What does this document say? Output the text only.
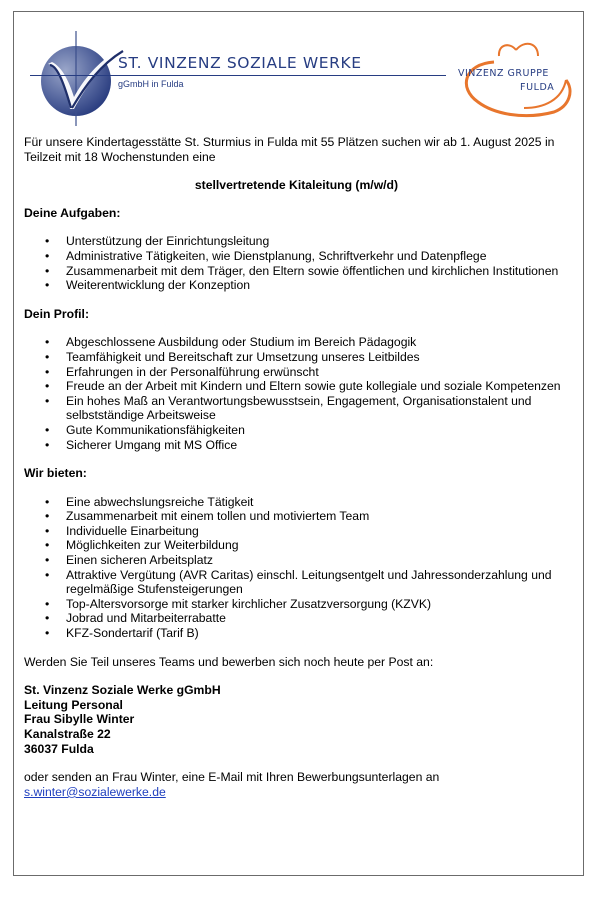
ST. VINZENZ SOZIALE WERKE
gGmbH in Fulda
VINZENZ GRUPPE
FULDA

Für unsere Kindertagesstätte St. Sturmius in Fulda mit 55 Plätzen suchen wir ab 1. August 2025 in Teilzeit mit 18 Wochenstunden eine

stellvertretende Kitaleitung (m/w/d)

Deine Aufgaben:

• Unterstützung der Einrichtungsleitung
• Administrative Tätigkeiten, wie Dienstplanung, Schriftverkehr und Datenpflege
• Zusammenarbeit mit dem Träger, den Eltern sowie öffentlichen und kirchlichen Institutionen
• Weiterentwicklung der Konzeption

Dein Profil:

• Abgeschlossene Ausbildung oder Studium im Bereich Pädagogik
• Teamfähigkeit und Bereitschaft zur Umsetzung unseres Leitbildes
• Erfahrungen in der Personalführung erwünscht
• Freude an der Arbeit mit Kindern und Eltern sowie gute kollegiale und soziale Kompetenzen
• Ein hohes Maß an Verantwortungsbewusstsein, Engagement, Organisationstalent und selbstständige Arbeitsweise
• Gute Kommunikationsfähigkeiten
• Sicherer Umgang mit MS Office

Wir bieten:

• Eine abwechslungsreiche Tätigkeit
• Zusammenarbeit mit einem tollen und motiviertem Team
• Individuelle Einarbeitung
• Möglichkeiten zur Weiterbildung
• Einen sicheren Arbeitsplatz
• Attraktive Vergütung (AVR Caritas) einschl. Leitungsentgelt und Jahressonderzahlung und regelmäßige Stufensteigerungen
• Top-Altersvorsorge mit starker kirchlicher Zusatzversorgung (KZVK)
• Jobrad und Mitarbeiterrabatte
• KFZ-Sondertarif (Tarif B)

Werden Sie Teil unseres Teams und bewerben sich noch heute per Post an:

St. Vinzenz Soziale Werke gGmbH
Leitung Personal
Frau Sibylle Winter
Kanalstraße 22
36037 Fulda

oder senden an Frau Winter, eine E-Mail mit Ihren Bewerbungsunterlagen an

s.winter@sozialewerke.de
